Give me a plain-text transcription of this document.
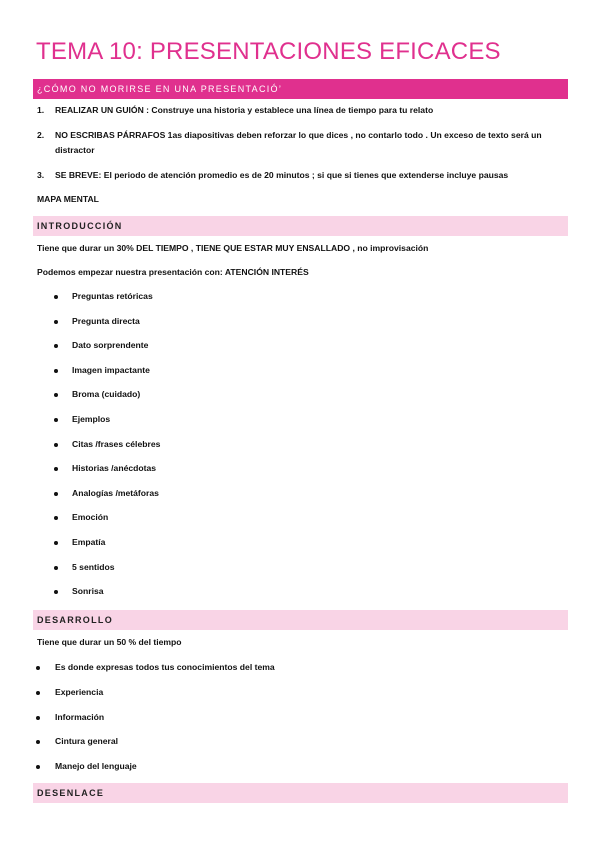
TEMA 10: PRESENTACIONES EFICACES
¿CÓMO NO MORIRSE EN UNA PRESENTACIÓ’
1. REALIZAR UN GUIÓN : Construye una historia y establece una línea de tiempo para tu relato
2. NO ESCRIBAS PÁRRAFOS 1as diapositivas deben reforzar lo que dices , no contarlo todo . Un exceso de texto será un
distractor
3. SE BREVE: El periodo de atención promedio es de 20 minutos ; si que si tienes que extenderse incluye pausas
MAPA MENTAL
INTRODUCCIÓN
Tiene que durar un 30% DEL TIEMPO , TIENE QUE ESTAR MUY ENSALLADO , no improvisación
Podemos empezar nuestra presentación con: ATENCIÓN INTERÉS
Preguntas retóricas
Pregunta directa
Dato sorprendente
Imagen impactante
Broma (cuidado)
Ejemplos
Citas /frases célebres
Historias /anécdotas
Analogías /metáforas
Emoción
Empatía
5 sentidos
Sonrisa
DESARROLLO
Tiene que durar un 50 % del tiempo
Es donde expresas todos tus conocimientos del tema
Experiencia
Información
Cintura general
Manejo del lenguaje
DESENLACE
